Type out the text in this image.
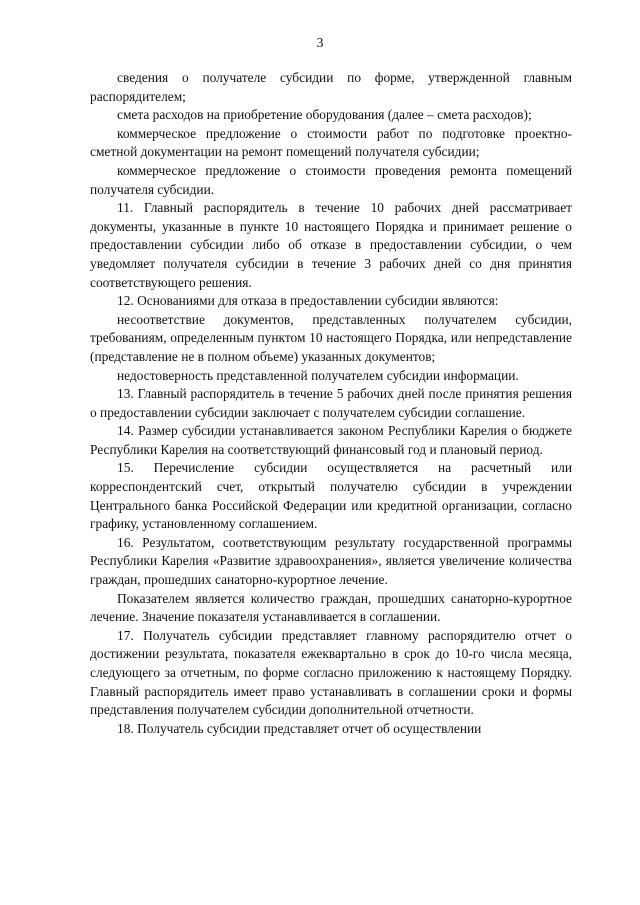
3

сведения о получателе субсидии по форме, утвержденной главным распорядителем;

смета расходов на приобретение оборудования (далее – смета расходов);

коммерческое предложение о стоимости работ по подготовке проектно-сметной документации на ремонт помещений получателя субсидии;

коммерческое предложение о стоимости проведения ремонта помещений получателя субсидии.

11. Главный распорядитель в течение 10 рабочих дней рассматривает документы, указанные в пункте 10 настоящего Порядка и принимает решение о предоставлении субсидии либо об отказе в предоставлении субсидии, о чем уведомляет получателя субсидии в течение 3 рабочих дней со дня принятия соответствующего решения.

12. Основаниями для отказа в предоставлении субсидии являются:

несоответствие документов, представленных получателем субсидии, требованиям, определенным пунктом 10 настоящего Порядка, или непредставление (представление не в полном объеме) указанных документов;

недостоверность представленной получателем субсидии информации.

13. Главный распорядитель в течение 5 рабочих дней после принятия решения о предоставлении субсидии заключает с получателем субсидии соглашение.

14. Размер субсидии устанавливается законом Республики Карелия о бюджете Республики Карелия на соответствующий финансовый год и плановый период.

15. Перечисление субсидии осуществляется на расчетный или корреспондентский счет, открытый получателю субсидии в учреждении Центрального банка Российской Федерации или кредитной организации, согласно графику, установленному соглашением.

16. Результатом, соответствующим результату государственной программы Республики Карелия «Развитие здравоохранения», является увеличение количества граждан, прошедших санаторно-курортное лечение.

Показателем является количество граждан, прошедших санаторно-курортное лечение. Значение показателя устанавливается в соглашении.

17. Получатель субсидии представляет главному распорядителю отчет о достижении результата, показателя ежеквартально в срок до 10-го числа месяца, следующего за отчетным, по форме согласно приложению к настоящему Порядку. Главный распорядитель имеет право устанавливать в соглашении сроки и формы представления получателем субсидии дополнительной отчетности.

18. Получатель субсидии представляет отчет об осуществлении
